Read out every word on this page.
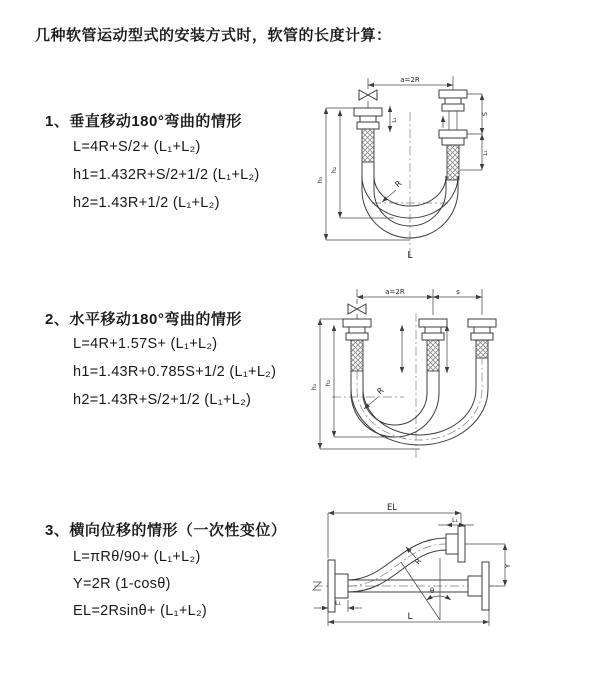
几种软管运动型式的安装方式时，软管的长度计算：
1、垂直移动180°弯曲的情形
L=4R+S/2+ (L₁+L₂)
h1=1.432R+S/2+1/2 (L₁+L₂)
h2=1.43R+1/2 (L₁+L₂)
a=2R
h₁
h₂
L₁
S
L₁
R
L
2、水平移动180°弯曲的情形
L=4R+1.57S+ (L₁+L₂)
h1=1.43R+0.785S+1/2 (L₁+L₂)
h2=1.43R+S/2+1/2 (L₁+L₂)
a=2R	s
h₁
h₂
R
3、横向位移的情形（一次性变位）
L=πRθ/90+ (L₁+L₂)
Y=2R (1-cosθ)
EL=2Rsinθ+ (L₁+L₂)
EL
L₁
Y
L
L₁
θ
R
